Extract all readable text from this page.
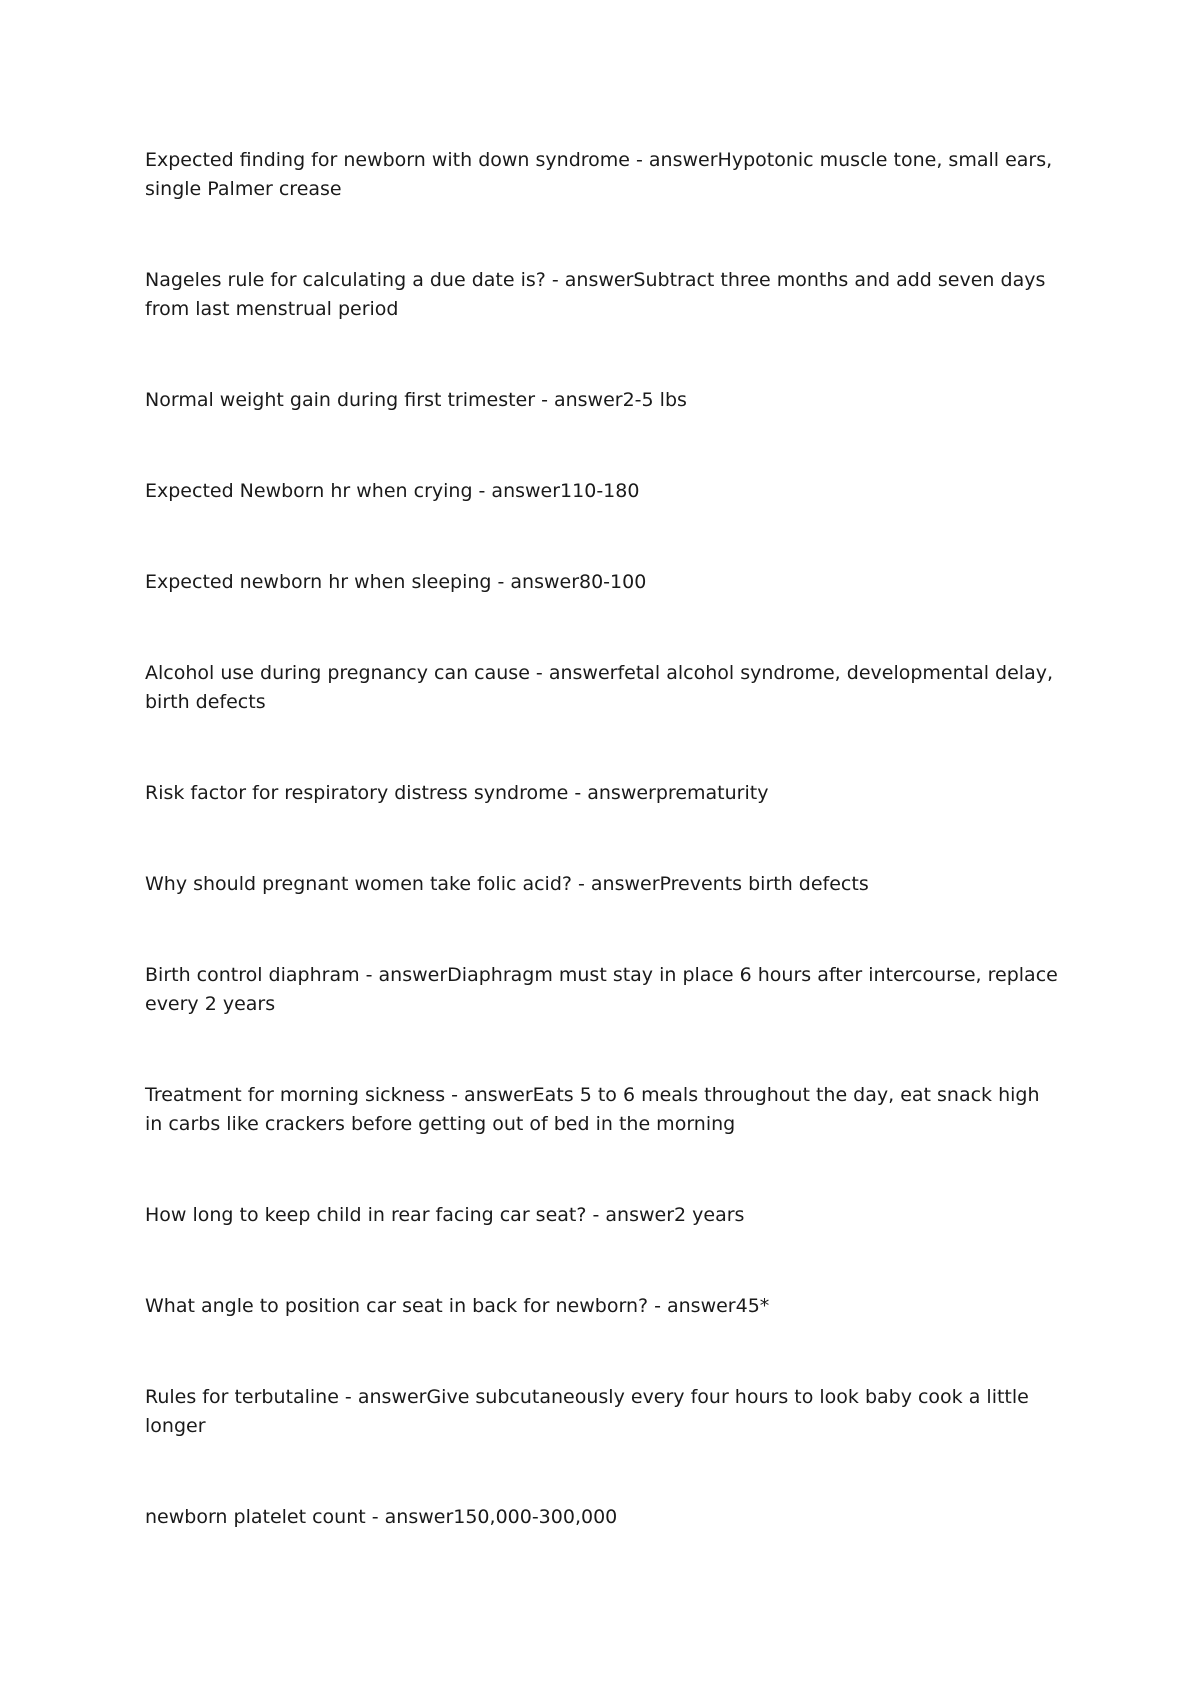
Expected finding for newborn with down syndrome - answerHypotonic muscle tone, small ears, single Palmer crease
Nageles rule for calculating a due date is? - answerSubtract three months and add seven days from last menstrual period
Normal weight gain during first trimester - answer2-5 lbs
Expected Newborn hr when crying - answer110-180
Expected newborn hr when sleeping - answer80-100
Alcohol use during pregnancy can cause - answerfetal alcohol syndrome, developmental delay, birth defects
Risk factor for respiratory distress syndrome - answerprematurity
Why should pregnant women take folic acid? - answerPrevents birth defects
Birth control diaphram - answerDiaphragm must stay in place 6 hours after intercourse, replace every 2 years
Treatment for morning sickness - answerEats 5 to 6 meals throughout the day, eat snack high in carbs like crackers before getting out of bed in the morning
How long to keep child in rear facing car seat? - answer2 years
What angle to position car seat in back for newborn? - answer45*
Rules for terbutaline - answerGive subcutaneously every four hours to look baby cook a little longer
newborn platelet count - answer150,000-300,000
